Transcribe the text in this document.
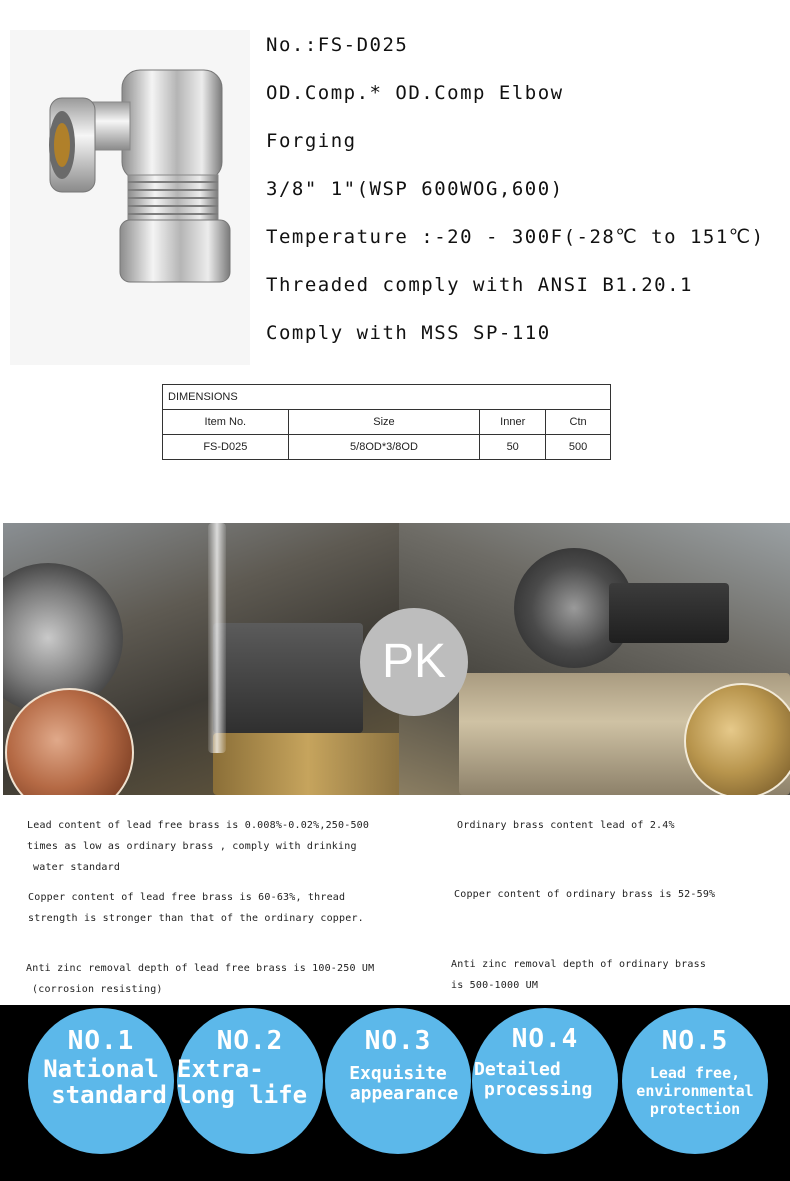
No.:FS-D025
OD.Comp.* OD.Comp Elbow
Forging
3/8" 1"(WSP 600WOG,600)
Temperature :-20 - 300F(-28℃ to 151℃)
Threaded comply with ANSI B1.20.1
Comply with MSS SP-110
DIMENSIONS			
Item No.	Size	Inner	Ctn
FS-D025	5/8OD*3/8OD	50	500
PK
Lead content of lead free brass is 0.008%-0.02%,250-500
times as low as ordinary brass , comply with drinking

water standard
Copper content of lead free brass is 60-63%, thread
strength is stronger than that of the ordinary copper.
Anti zinc removal depth of lead free brass is 100-250 UM

(corrosion resisting)
Ordinary brass content lead of 2.4%
Copper content of ordinary brass is 52-59%
Anti zinc removal depth of ordinary brass
is 500-1000 UM
NO.1
National
standard
NO.2
Extra-
long life
NO.3
Exquisite
appearance
NO.4
Detailed
processing
NO.5
Lead free,
environmental
protection
